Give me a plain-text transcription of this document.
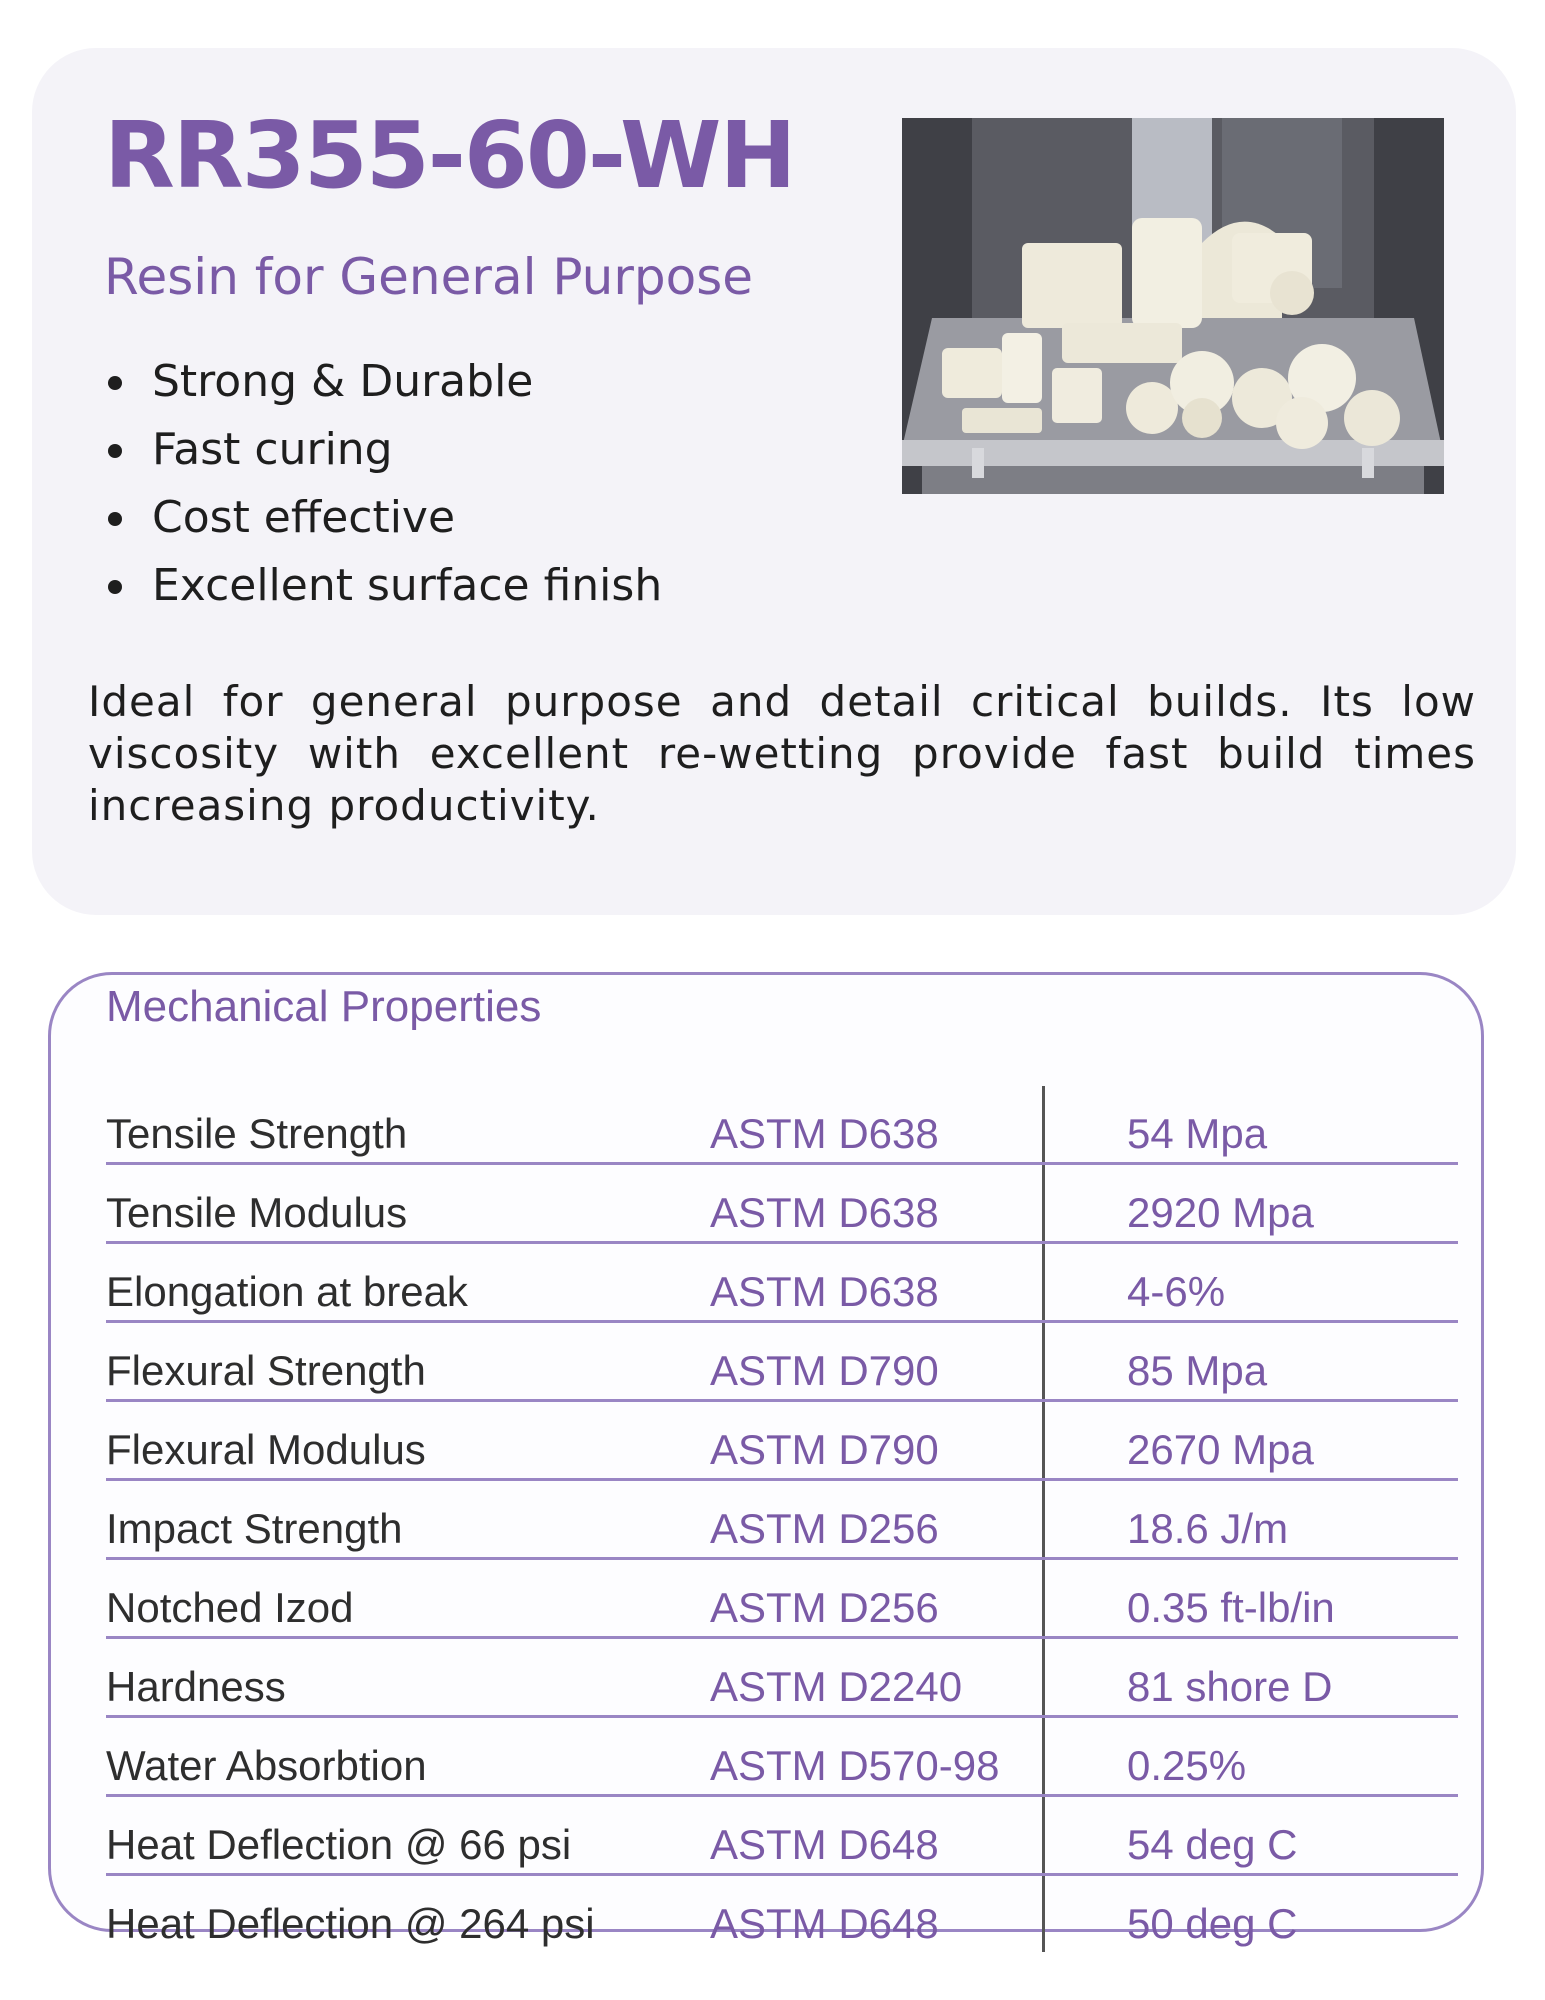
RR355-60-WH
Resin for General Purpose
Strong & Durable
Fast curing
Cost effective
Excellent surface finish

Ideal for general purpose and detail critical builds. Its low viscosity with excellent re-wetting provide fast build times increasing productivity.

Mechanical Properties
Tensile Strength	ASTM D638	54 Mpa
Tensile Modulus	ASTM D638	2920 Mpa
Elongation at break	ASTM D638	4-6%
Flexural Strength	ASTM D790	85 Mpa
Flexural Modulus	ASTM D790	2670 Mpa
Impact Strength	ASTM D256	18.6 J/m
Notched Izod	ASTM D256	0.35 ft-lb/in
Hardness	ASTM D2240	81 shore D
Water Absorbtion	ASTM D570-98	0.25%
Heat Deflection @ 66 psi	ASTM D648	54 deg C
Heat Deflection @ 264 psi	ASTM D648	50 deg C
